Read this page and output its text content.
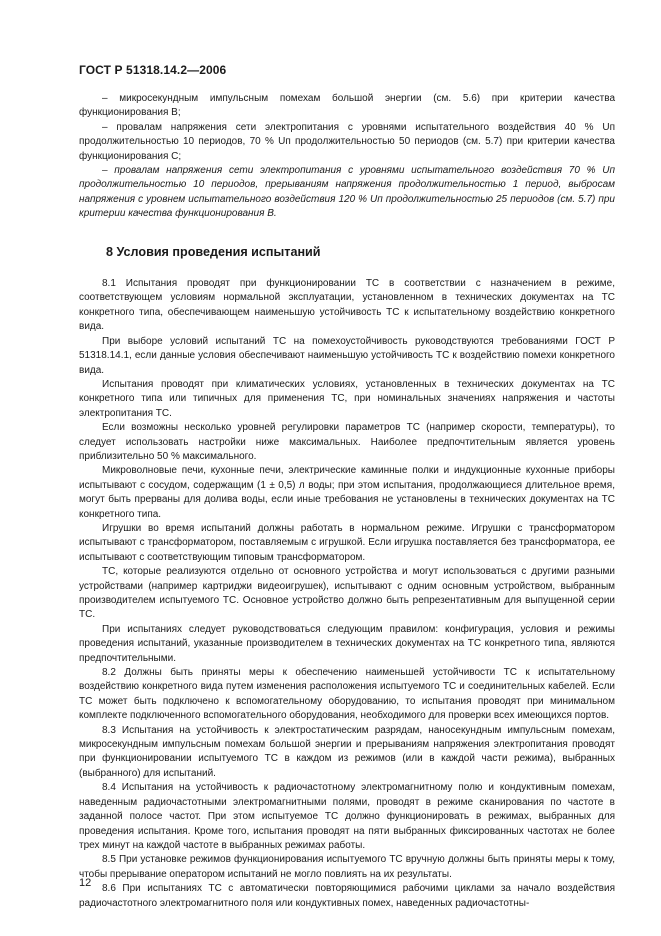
ГОСТ Р 51318.14.2—2006

– микросекундным импульсным помехам большой энергии (см. 5.6) при критерии качества функционирования B;

– провалам напряжения сети электропитания с уровнями испытательного воздействия 40 % Uп продолжительностью 10 периодов, 70 % Uп продолжительностью 50 периодов (см. 5.7) при критерии качества функционирования C;

– провалам напряжения сети электропитания с уровнями испытательного воздействия 70 % Uп продолжительностью 10 периодов, прерываниям напряжения продолжительностью 1 период, выбросам напряжения с уровнем испытательного воздействия 120 % Uп продолжительностью 25 периодов (см. 5.7) при критерии качества функционирования B.

8 Условия проведения испытаний

8.1 Испытания проводят при функционировании ТС в соответствии с назначением в режиме, соответствующем условиям нормальной эксплуатации, установленном в технических документах на ТС конкретного типа, обеспечивающем наименьшую устойчивость ТС к испытательному воздействию конкретного вида.

При выборе условий испытаний ТС на помехоустойчивость руководствуются требованиями ГОСТ Р 51318.14.1, если данные условия обеспечивают наименьшую устойчивость ТС к воздействию помехи конкретного вида.

Испытания проводят при климатических условиях, установленных в технических документах на ТС конкретного типа или типичных для применения ТС, при номинальных значениях напряжения и частоты электропитания ТС.

Если возможны несколько уровней регулировки параметров ТС (например скорости, температуры), то следует использовать настройки ниже максимальных. Наиболее предпочтительным является уровень приблизительно 50 % максимального.

Микроволновые печи, кухонные печи, электрические каминные полки и индукционные кухонные приборы испытывают с сосудом, содержащим (1 ± 0,5) л воды; при этом испытания, продолжающиеся длительное время, могут быть прерваны для долива воды, если иные требования не установлены в технических документах на ТС конкретного типа.

Игрушки во время испытаний должны работать в нормальном режиме. Игрушки с трансформатором испытывают с трансформатором, поставляемым с игрушкой. Если игрушка поставляется без трансформатора, ее испытывают с соответствующим типовым трансформатором.

ТС, которые реализуются отдельно от основного устройства и могут использоваться с другими разными устройствами (например картриджи видеоигрушек), испытывают с одним основным устройством, выбранным производителем испытуемого ТС. Основное устройство должно быть репрезентативным для выпущенной серии ТС.

При испытаниях следует руководствоваться следующим правилом: конфигурация, условия и режимы проведения испытаний, указанные производителем в технических документах на ТС конкретного типа, являются предпочтительными.

8.2 Должны быть приняты меры к обеспечению наименьшей устойчивости ТС к испытательному воздействию конкретного вида путем изменения расположения испытуемого ТС и соединительных кабелей. Если ТС может быть подключено к вспомогательному оборудованию, то испытания проводят при минимальном комплекте подключенного вспомогательного оборудования, необходимого для проверки всех имеющихся портов.

8.3 Испытания на устойчивость к электростатическим разрядам, наносекундным импульсным помехам, микросекундным импульсным помехам большой энергии и прерываниям напряжения электропитания проводят при функционировании испытуемого ТС в каждом из режимов (или в каждой части режима), выбранных (выбранного) для испытаний.

8.4 Испытания на устойчивость к радиочастотному электромагнитному полю и кондуктивным помехам, наведенным радиочастотными электромагнитными полями, проводят в режиме сканирования по частоте в заданной полосе частот. При этом испытуемое ТС должно функционировать в режимах, выбранных для проведения испытания. Кроме того, испытания проводят на пяти выбранных фиксированных частотах не более трех минут на каждой частоте в выбранных режимах работы.

8.5 При установке режимов функционирования испытуемого ТС вручную должны быть приняты меры к тому, чтобы прерывание оператором испытаний не могло повлиять на их результаты.

8.6 При испытаниях ТС с автоматически повторяющимися рабочими циклами за начало воздействия радиочастотного электромагнитного поля или кондуктивных помех, наведенных радиочастотны-

12
